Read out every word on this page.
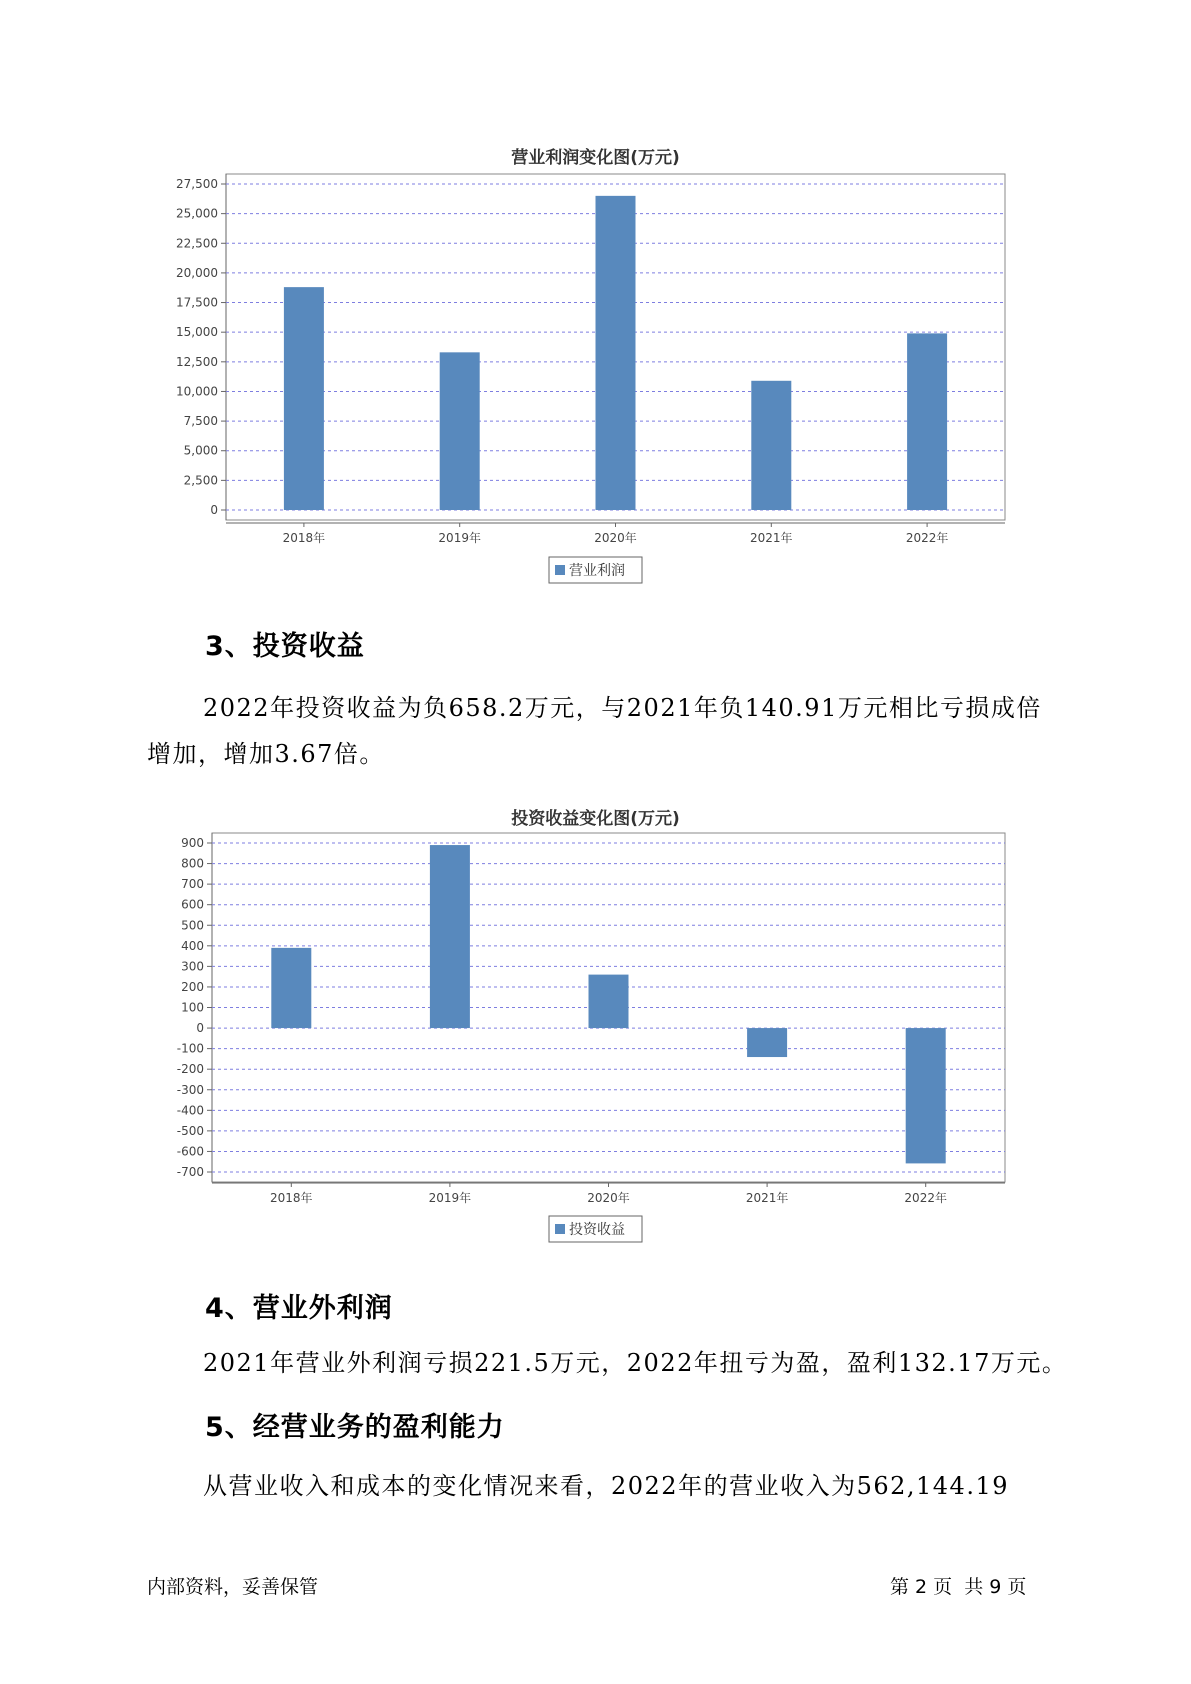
营业利润变化图(万元)
0
2,500
5,000
7,500
10,000
12,500
15,000
17,500
20,000
22,500
25,000
27,500
2018年	2019年	2020年	2021年	2022年
营业利润
3、投资收益

2022年投资收益为负658.2万元，与2021年负140.91万元相比亏损成倍

增加，增加3.67倍。

投资收益变化图(万元)
-700
-600
-500
-400
-300
-200
-100
0
100
200
300
400
500
600
700
800
900
2018年	2019年	2020年	2021年	2022年
投资收益
4、营业外利润

2021年营业外利润亏损221.5万元，2022年扭亏为盈，盈利132.17万元。

5、经营业务的盈利能力

从营业收入和成本的变化情况来看，2022年的营业收入为562,144.19

内部资料，妥善保管	第 2 页  共 9 页
